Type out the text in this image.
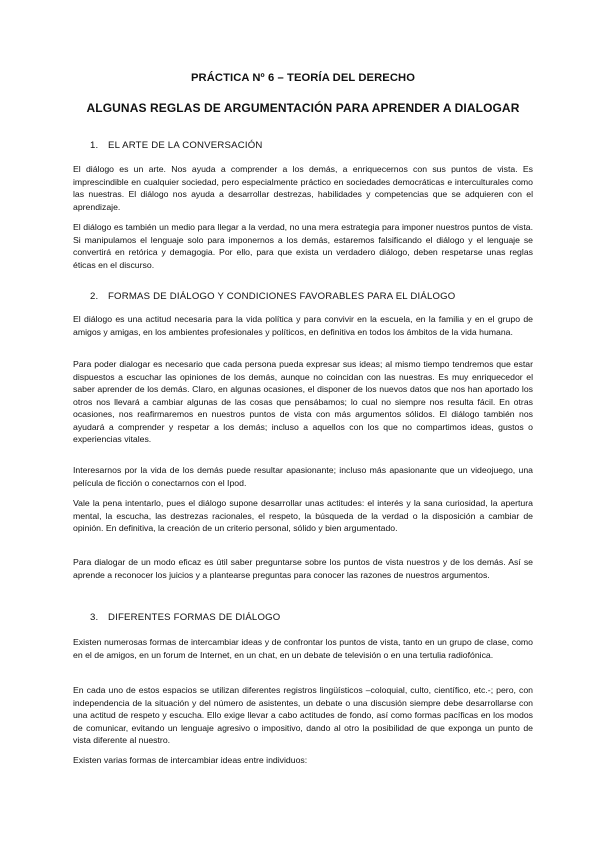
PRÁCTICA Nº 6 – TEORÍA DEL DERECHO
ALGUNAS REGLAS DE ARGUMENTACIÓN PARA APRENDER A DIALOGAR
1. EL ARTE DE LA CONVERSACIÓN

El diálogo es un arte. Nos ayuda a comprender a los demás, a enriquecernos con sus puntos de vista. Es imprescindible en cualquier sociedad, pero especialmente práctico en sociedades democráticas e interculturales como las nuestras. El diálogo nos ayuda a desarrollar destrezas, habilidades y competencias que se adquieren con el aprendizaje.

El diálogo es también un medio para llegar a la verdad, no una mera estrategia para imponer nuestros puntos de vista. Si manipulamos el lenguaje solo para imponernos a los demás, estaremos falsificando el diálogo y el lenguaje se convertirá en retórica y demagogia. Por ello, para que exista un verdadero diálogo, deben respetarse unas reglas éticas en el discurso.

2. FORMAS DE DIÁLOGO Y CONDICIONES FAVORABLES PARA EL DIÁLOGO

El diálogo es una actitud necesaria para la vida política y para convivir en la escuela, en la familia y en el grupo de amigos y amigas, en los ambientes profesionales y políticos, en definitiva en todos los ámbitos de la vida humana.

Para poder dialogar es necesario que cada persona pueda expresar sus ideas; al mismo tiempo tendremos que estar dispuestos a escuchar las opiniones de los demás, aunque no coincidan con las nuestras. Es muy enriquecedor el saber aprender de los demás. Claro, en algunas ocasiones, el disponer de los nuevos datos que nos han aportado los otros nos llevará a cambiar algunas de las cosas que pensábamos; lo cual no siempre nos resulta fácil. En otras ocasiones, nos reafirmaremos en nuestros puntos de vista con más argumentos sólidos. El diálogo también nos ayudará a comprender y respetar a los demás; incluso a aquellos con los que no compartimos ideas, gustos o experiencias vitales.

Interesarnos por la vida de los demás puede resultar apasionante; incluso más apasionante que un videojuego, una película de ficción o conectarnos con el Ipod.

Vale la pena intentarlo, pues el diálogo supone desarrollar unas actitudes: el interés y la sana curiosidad, la apertura mental, la escucha, las destrezas racionales, el respeto, la búsqueda de la verdad o la disposición a cambiar de opinión. En definitiva, la creación de un criterio personal, sólido y bien argumentado.

Para dialogar de un modo eficaz es útil saber preguntarse sobre los puntos de vista nuestros y de los demás. Así se aprende a reconocer los juicios y a plantearse preguntas para conocer las razones de nuestros argumentos.

3. DIFERENTES FORMAS DE DIÁLOGO

Existen numerosas formas de intercambiar ideas y de confrontar los puntos de vista, tanto en un grupo de clase, como en el de amigos, en un forum de Internet, en un chat, en un debate de televisión o en una tertulia radiofónica.

En cada uno de estos espacios se utilizan diferentes registros lingüísticos –coloquial, culto, científico, etc.-; pero, con independencia de la situación y del número de asistentes, un debate o una discusión siempre debe desarrollarse con una actitud de respeto y escucha. Ello exige llevar a cabo actitudes de fondo, así como formas pacíficas en los modos de comunicar, evitando un lenguaje agresivo o impositivo, dando al otro la posibilidad de que exponga un punto de vista diferente al nuestro.

Existen varias formas de intercambiar ideas entre individuos:
